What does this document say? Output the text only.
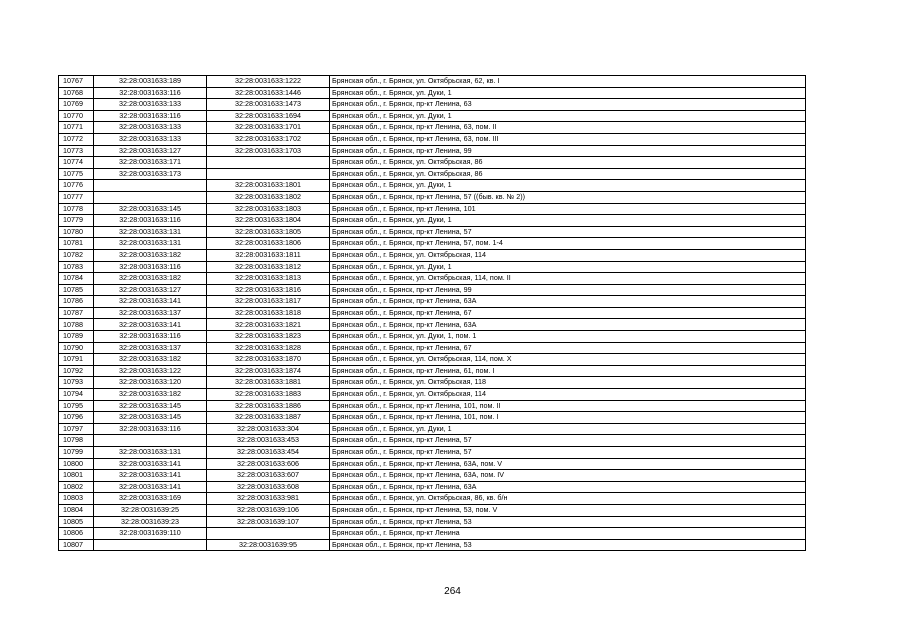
10767	32:28:0031633:189	32:28:0031633:1222	Брянская обл., г. Брянск, ул. Октябрьская, 62, кв. I
10768	32:28:0031633:116	32:28:0031633:1446	Брянская обл., г. Брянск, ул. Дуки, 1
10769	32:28:0031633:133	32:28:0031633:1473	Брянская обл., г. Брянск, пр-кт Ленина, 63
10770	32:28:0031633:116	32:28:0031633:1694	Брянская обл., г. Брянск, ул. Дуки, 1
10771	32:28:0031633:133	32:28:0031633:1701	Брянская обл., г. Брянск, пр-кт Ленина, 63, пом. II
10772	32:28:0031633:133	32:28:0031633:1702	Брянская обл., г. Брянск, пр-кт Ленина, 63, пом. III
10773	32:28:0031633:127	32:28:0031633:1703	Брянская обл., г. Брянск, пр-кт Ленина, 99
10774	32:28:0031633:171		Брянская обл., г. Брянск, ул. Октябрьская, 86
10775	32:28:0031633:173		Брянская обл., г. Брянск, ул. Октябрьская, 86
10776		32:28:0031633:1801	Брянская обл., г. Брянск, ул. Дуки, 1
10777		32:28:0031633:1802	Брянская обл., г. Брянск, пр-кт Ленина, 57 ((быв. кв. № 2))
10778	32:28:0031633:145	32:28:0031633:1803	Брянская обл., г. Брянск, пр-кт Ленина, 101
10779	32:28:0031633:116	32:28:0031633:1804	Брянская обл., г. Брянск, ул. Дуки, 1
10780	32:28:0031633:131	32:28:0031633:1805	Брянская обл., г. Брянск, пр-кт Ленина, 57
10781	32:28:0031633:131	32:28:0031633:1806	Брянская обл., г. Брянск, пр-кт Ленина, 57, пом. 1-4
10782	32:28:0031633:182	32:28:0031633:1811	Брянская обл., г. Брянск, ул. Октябрьская, 114
10783	32:28:0031633:116	32:28:0031633:1812	Брянская обл., г. Брянск, ул. Дуки, 1
10784	32:28:0031633:182	32:28:0031633:1813	Брянская обл., г. Брянск, ул. Октябрьская, 114, пом. II
10785	32:28:0031633:127	32:28:0031633:1816	Брянская обл., г. Брянск, пр-кт Ленина, 99
10786	32:28:0031633:141	32:28:0031633:1817	Брянская обл., г. Брянск, пр-кт Ленина, 63А
10787	32:28:0031633:137	32:28:0031633:1818	Брянская обл., г. Брянск, пр-кт Ленина, 67
10788	32:28:0031633:141	32:28:0031633:1821	Брянская обл., г. Брянск, пр-кт Ленина, 63А
10789	32:28:0031633:116	32:28:0031633:1823	Брянская обл., г. Брянск, ул. Дуки, 1, пом. 1
10790	32:28:0031633:137	32:28:0031633:1828	Брянская обл., г. Брянск, пр-кт Ленина, 67
10791	32:28:0031633:182	32:28:0031633:1870	Брянская обл., г. Брянск, ул. Октябрьская, 114, пом. X
10792	32:28:0031633:122	32:28:0031633:1874	Брянская обл., г. Брянск, пр-кт Ленина, 61, пом. I
10793	32:28:0031633:120	32:28:0031633:1881	Брянская обл., г. Брянск, ул. Октябрьская, 118
10794	32:28:0031633:182	32:28:0031633:1883	Брянская обл., г. Брянск, ул. Октябрьская, 114
10795	32:28:0031633:145	32:28:0031633:1886	Брянская обл., г. Брянск, пр-кт Ленина, 101, пом. II
10796	32:28:0031633:145	32:28:0031633:1887	Брянская обл., г. Брянск, пр-кт Ленина, 101, пом. I
10797	32:28:0031633:116	32:28:0031633:304	Брянская обл., г. Брянск, ул. Дуки, 1
10798		32:28:0031633:453	Брянская обл., г. Брянск, пр-кт Ленина, 57
10799	32:28:0031633:131	32:28:0031633:454	Брянская обл., г. Брянск, пр-кт Ленина, 57
10800	32:28:0031633:141	32:28:0031633:606	Брянская обл., г. Брянск, пр-кт Ленина, 63А, пом. V
10801	32:28:0031633:141	32:28:0031633:607	Брянская обл., г. Брянск, пр-кт Ленина, 63А, пом. IV
10802	32:28:0031633:141	32:28:0031633:608	Брянская обл., г. Брянск, пр-кт Ленина, 63А
10803	32:28:0031633:169	32:28:0031633:981	Брянская обл., г. Брянск, ул. Октябрьская, 86, кв. б/н
10804	32:28:0031639:25	32:28:0031639:106	Брянская обл., г. Брянск, пр-кт Ленина, 53, пом. V
10805	32:28:0031639:23	32:28:0031639:107	Брянская обл., г. Брянск, пр-кт Ленина, 53
10806	32:28:0031639:110		Брянская обл., г. Брянск, пр-кт Ленина
10807		32:28:0031639:95	Брянская обл., г. Брянск, пр-кт Ленина, 53
264
